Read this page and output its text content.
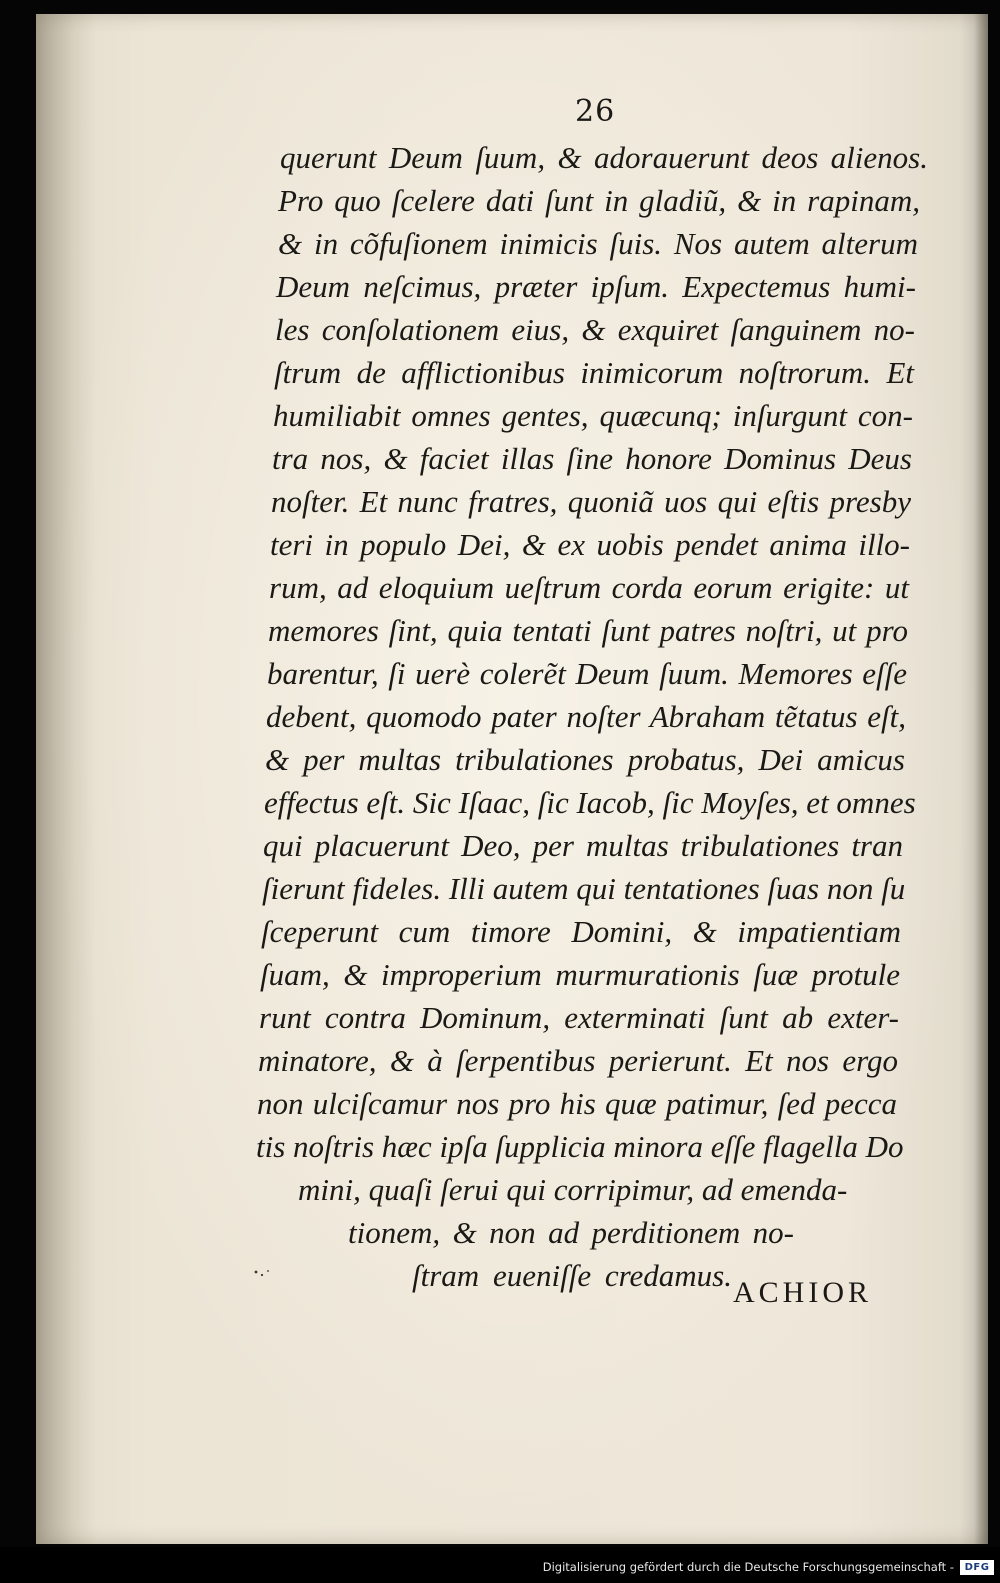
26
querunt Deum ſuum, & adorauerunt deos alienos.
Pro quo ſcelere dati ſunt in gladiũ, & in rapinam,
& in cõfuſionem inimicis ſuis. Nos autem alterum
Deum neſcimus, præter ipſum. Expectemus humi-
les conſolationem eius, & exquiret ſanguinem no-
ſtrum de afflictionibus inimicorum noſtrorum. Et
humiliabit omnes gentes, quæcunq; inſurgunt con-
tra nos, & faciet illas ſine honore Dominus Deus
noſter. Et nunc fratres, quoniã uos qui eſtis presby
teri in populo Dei, & ex uobis pendet anima illo-
rum, ad eloquium ueſtrum corda eorum erigite: ut
memores ſint, quia tentati ſunt patres noſtri, ut pro
barentur, ſi uerè colerẽt Deum ſuum. Memores eſſe
debent, quomodo pater noſter Abraham tẽtatus eſt,
& per multas tribulationes probatus, Dei amicus
effectus eſt. Sic Iſaac, ſic Iacob, ſic Moyſes, et omnes
qui placuerunt Deo, per multas tribulationes tran
ſierunt fideles. Illi autem qui tentationes ſuas non ſu
ſceperunt cum timore Domini, & impatientiam
ſuam, & improperium murmurationis ſuæ protule
runt contra Dominum, exterminati ſunt ab exter-
minatore, & à ſerpentibus perierunt. Et nos ergo
non ulciſcamur nos pro his quæ patimur, ſed pecca
tis noſtris hæc ipſa ſupplicia minora eſſe flagella Do
mini, quaſi ſerui qui corripimur, ad emenda-
tionem, & non ad perditionem no-
ſtram eueniſſe credamus. ACHIOR
Digitalisierung gefördert durch die Deutsche Forschungsgemeinschaft -	DFG
